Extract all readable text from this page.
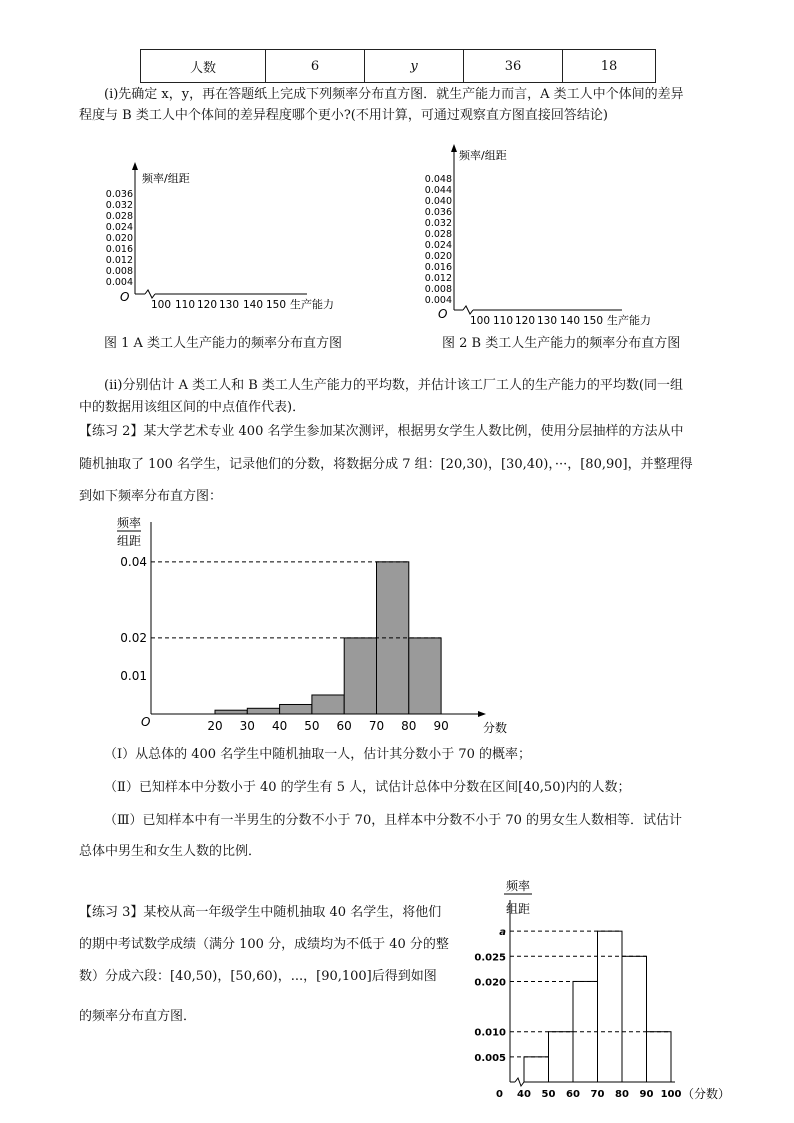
人数	6	y	36	18
(i)先确定 x，y，再在答题纸上完成下列频率分布直方图．就生产能力而言，A 类工人中个体间的差异
程度与 B 类工人中个体间的差异程度哪个更小?(不用计算，可通过观察直方图直接回答结论)
频率/组距
O
0.036
0.032
0.028
0.024
0.020
0.016
0.012
0.008
0.004
100 110 120 130 140 150 生产能力
图 1 A 类工人生产能力的频率分布直方图
频率/组距
O
0.048
0.044
0.040
0.036
0.032
0.028
0.024
0.020
0.016
0.012
0.008
0.004
100 110 120 130 140 150 生产能力
图 2 B 类工人生产能力的频率分布直方图
(ii)分别估计 A 类工人和 B 类工人生产能力的平均数，并估计该工厂工人的生产能力的平均数(同一组
中的数据用该组区间的中点值作代表)．
【练习 2】某大学艺术专业 400 名学生参加某次测评，根据男女学生人数比例，使用分层抽样的方法从中
随机抽取了 100 名学生，记录他们的分数，将数据分成 7 组：[20,30)，[30,40)，···，[80,90]，并整理得
到如下频率分布直方图：
频率
组距
O	分数
0.04
0.02
0.01
20 30 40 50 60 70 80 90
（Ⅰ）从总体的 400 名学生中随机抽取一人，估计其分数小于 70 的概率；
（Ⅱ）已知样本中分数小于 40 的学生有 5 人，试估计总体中分数在区间[40,50)内的人数；
（Ⅲ）已知样本中有一半男生的分数不小于 70，且样本中分数不小于 70 的男女生人数相等．试估计
总体中男生和女生人数的比例．
【练习 3】某校从高一年级学生中随机抽取 40 名学生，将他们
的期中考试数学成绩（满分 100 分，成绩均为不低于 40 分的整
数）分成六段：[40,50)，[50,60)，...，[90,100]后得到如图
的频率分布直方图．
频率
组距
0	（分数）
a
0.025
0.020
0.010
0.005
40 50 60 70 80 90 100
